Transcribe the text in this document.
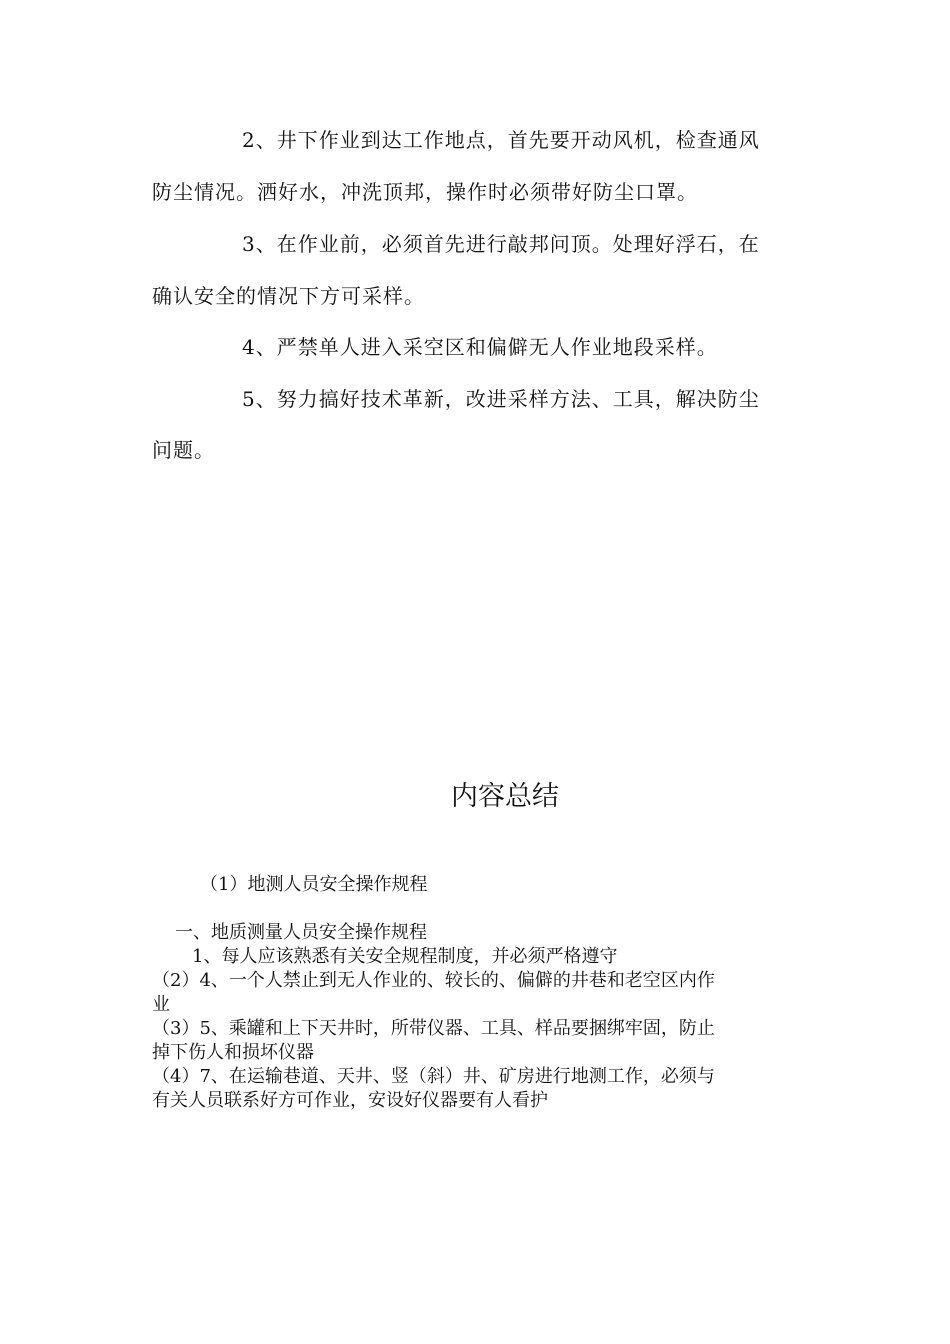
2、井下作业到达工作地点，首先要开动风机，检查通风

防尘情况。洒好水，冲洗顶邦，操作时必须带好防尘口罩。

3、在作业前，必须首先进行敲邦问顶。处理好浮石，在

确认安全的情况下方可采样。

4、严禁单人进入采空区和偏僻无人作业地段采样。

5、努力搞好技术革新，改进采样方法、工具，解决防尘

问题。

内容总结

（1）地测人员安全操作规程

一、地质测量人员安全操作规程

1、每人应该熟悉有关安全规程制度，并必须严格遵守

（2）4、一个人禁止到无人作业的、较长的、偏僻的井巷和老空区内作

业

（3）5、乘罐和上下天井时，所带仪器、工具、样品要捆绑牢固，防止

掉下伤人和损坏仪器

（4）7、在运输巷道、天井、竖（斜）井、矿房进行地测工作，必须与

有关人员联系好方可作业，安设好仪器要有人看护
